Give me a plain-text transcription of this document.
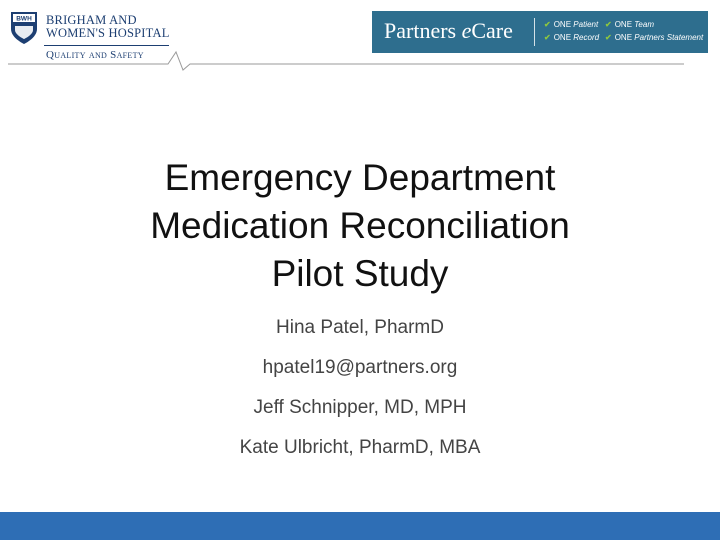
BWH BRIGHAM AND
WOMEN'S HOSPITAL
Quality and Safety
Partners eCare	✔ ONE Patient
✔ ONE Record
✔ ONE Team
✔ ONE Partners Statement
Emergency Department
Medication Reconciliation
Pilot Study
Hina Patel, PharmD
hpatel19@partners.org
Jeff Schnipper, MD, MPH
Kate Ulbricht, PharmD, MBA
